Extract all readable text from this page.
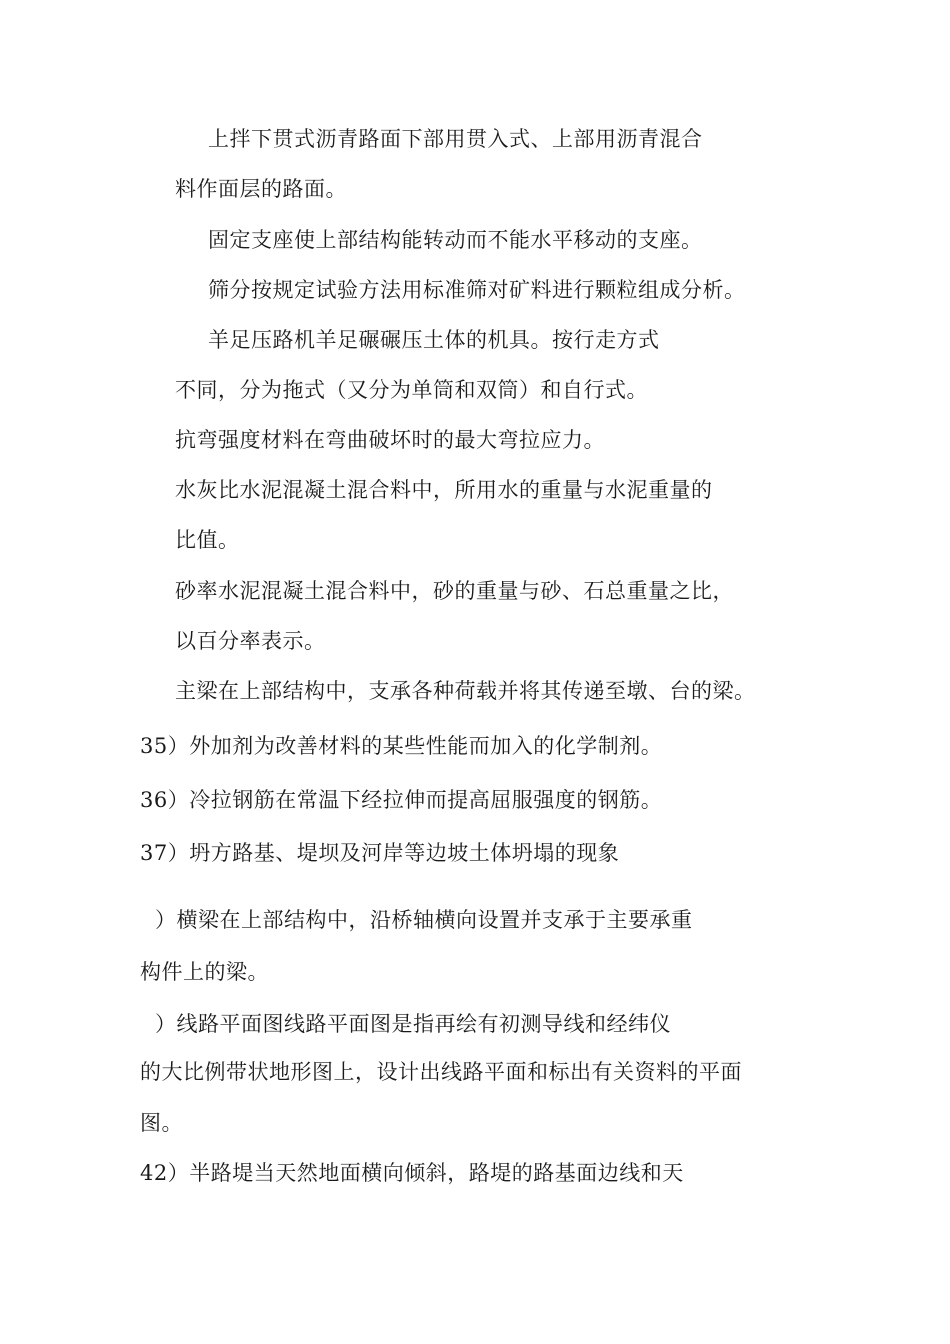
上拌下贯式沥青路面下部用贯入式、上部用沥青混合
料作面层的路面。
固定支座使上部结构能转动而不能水平移动的支座。
筛分按规定试验方法用标准筛对矿料进行颗粒组成分析。
羊足压路机羊足碾碾压土体的机具。按行走方式
不同，分为拖式（又分为单筒和双筒）和自行式。
抗弯强度材料在弯曲破坏时的最大弯拉应力。
水灰比水泥混凝土混合料中，所用水的重量与水泥重量的
比值。
砂率水泥混凝土混合料中，砂的重量与砂、石总重量之比，
以百分率表示。
主梁在上部结构中，支承各种荷载并将其传递至墩、台的梁。
35）外加剂为改善材料的某些性能而加入的化学制剂。
36）冷拉钢筋在常温下经拉伸而提高屈服强度的钢筋。
37）坍方路基、堤坝及河岸等边坡土体坍塌的现象
）横梁在上部结构中，沿桥轴横向设置并支承于主要承重
构件上的梁。
）线路平面图线路平面图是指再绘有初测导线和经纬仪
的大比例带状地形图上，设计出线路平面和标出有关资料的平面
图。
42）半路堤当天然地面横向倾斜，路堤的路基面边线和天
